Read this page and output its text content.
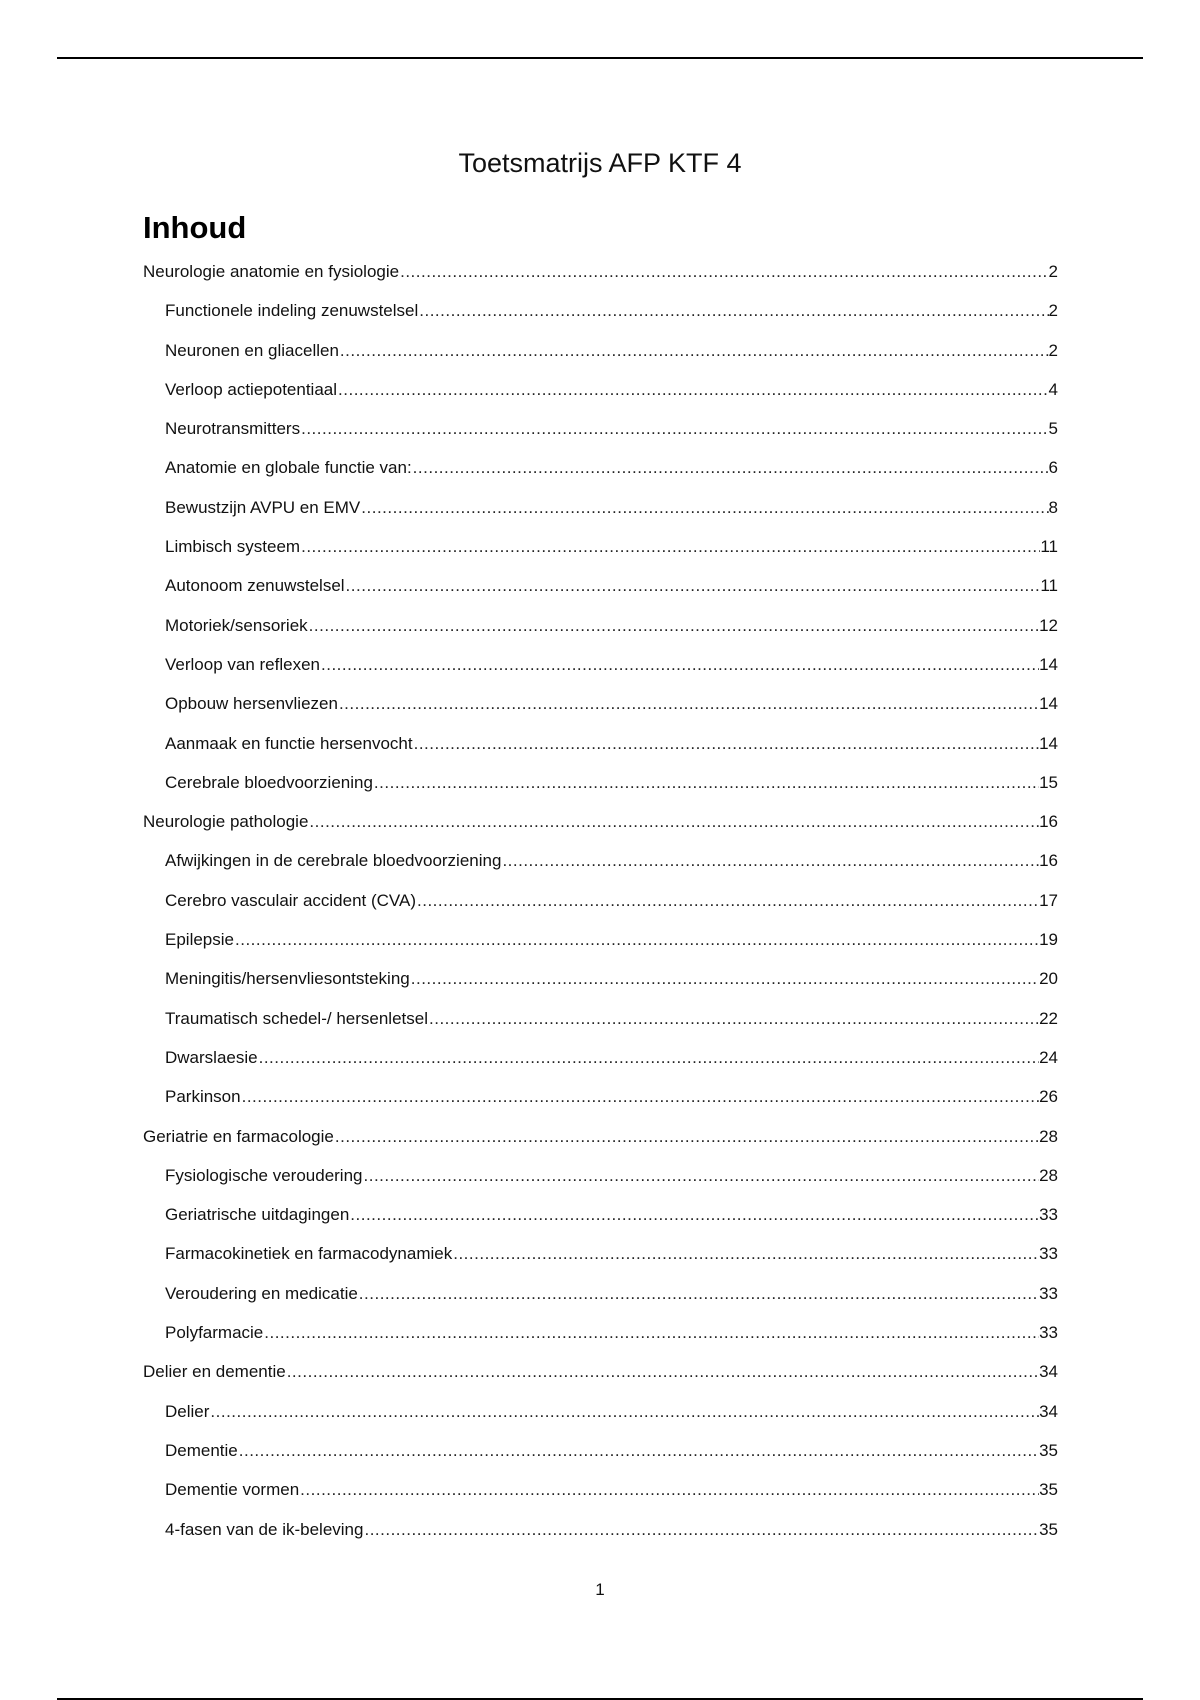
Toetsmatrijs AFP KTF 4
Inhoud
Neurologie anatomie en fysiologie .....	2
Functionele indeling zenuwstelsel .....	2
Neuronen en gliacellen .....	2
Verloop actiepotentiaal .....	4
Neurotransmitters .....	5
Anatomie en globale functie van: .....	6
Bewustzijn AVPU en EMV .....	8
Limbisch systeem .....	11
Autonoom zenuwstelsel .....	11
Motoriek/sensoriek .....	12
Verloop van reflexen .....	14
Opbouw hersenvliezen .....	14
Aanmaak en functie hersenvocht .....	14
Cerebrale bloedvoorziening .....	15
Neurologie pathologie .....	16
Afwijkingen in de cerebrale bloedvoorziening .....	16
Cerebro vasculair accident (CVA) .....	17
Epilepsie .....	19
Meningitis/hersenvliesontsteking .....	20
Traumatisch schedel-/ hersenletsel .....	22
Dwarslaesie .....	24
Parkinson .....	26
Geriatrie en farmacologie .....	28
Fysiologische veroudering .....	28
Geriatrische uitdagingen .....	33
Farmacokinetiek en farmacodynamiek .....	33
Veroudering en medicatie .....	33
Polyfarmacie .....	33
Delier en dementie .....	34
Delier .....	34
Dementie .....	35
Dementie vormen .....	35
4-fasen van de ik-beleving .....	35
1
